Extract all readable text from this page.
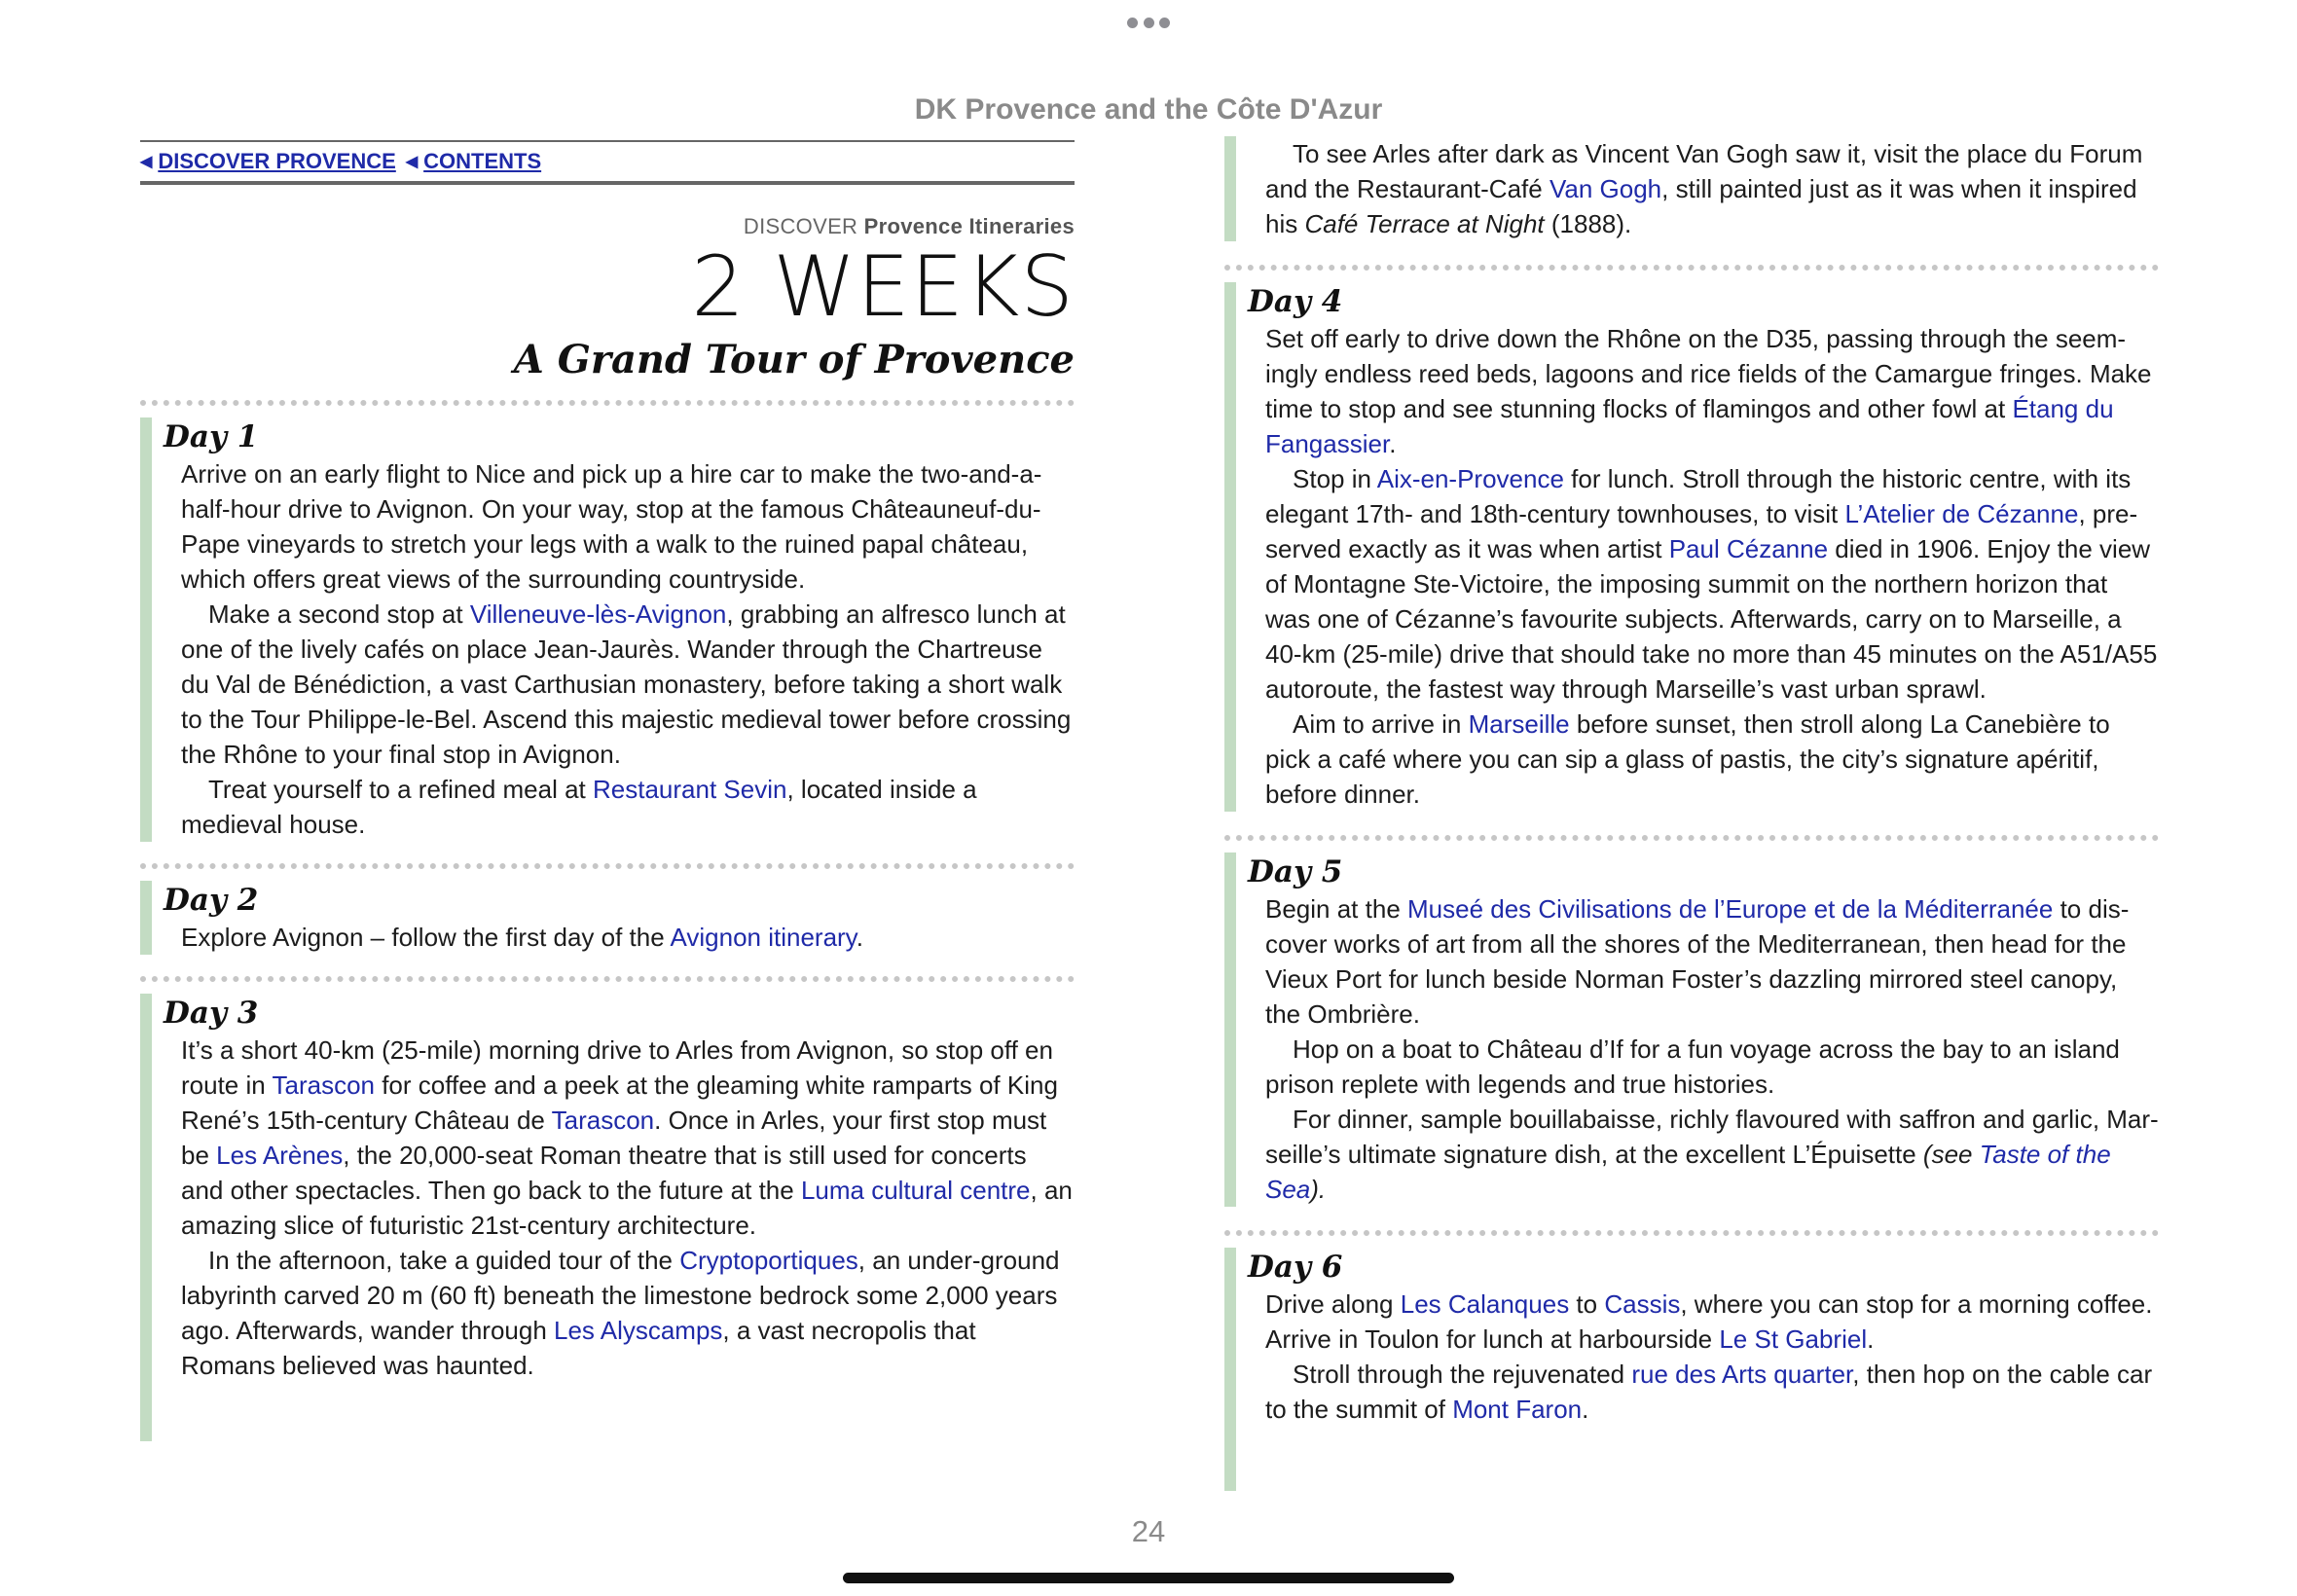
DK Provence and the Côte D'Azur
◀ DISCOVER PROVENCE ◀ CONTENTS
DISCOVER Provence Itineraries
2 WEEKS
A Grand Tour of Provence
Day 1

Arrive on an early flight to Nice and pick up a hire car to make the two-and-a-half-hour drive to Avignon. On your way, stop at the famous Châteauneuf-du-Pape vineyards to stretch your legs with a walk to the ruined papal château, which offers great views of the surrounding countryside.

Make a second stop at Villeneuve-lès-Avignon, grabbing an alfresco lunch at one of the lively cafés on place Jean-Jaurès. Wander through the Chartreuse du Val de Bénédiction, a vast Carthusian monastery, before taking a short walk to the Tour Philippe-le-Bel. Ascend this majestic medieval tower before crossing the Rhône to your final stop in Avignon.

Treat yourself to a refined meal at Restaurant Sevin, located inside a medieval house.

Day 2

Explore Avignon – follow the first day of the Avignon itinerary.

Day 3

It’s a short 40-km (25-mile) morning drive to Arles from Avignon, so stop off en route in Tarascon for coffee and a peek at the gleaming white ramparts of King René’s 15th-century Château de Tarascon. Once in Arles, your first stop must be Les Arènes, the 20,000-seat Roman theatre that is still used for concerts and other spectacles. Then go back to the future at the Luma cultural centre, an amazing slice of futuristic 21st-century architecture.

In the afternoon, take a guided tour of the Cryptoportiques, an under-ground labyrinth carved 20 m (60 ft) beneath the limestone bedrock some 2,000 years ago. Afterwards, wander through Les Alyscamps, a vast necropolis that Romans believed was haunted.

To see Arles after dark as Vincent Van Gogh saw it, visit the place du Forum and the Restaurant-Café Van Gogh, still painted just as it was when it inspired his Café Terrace at Night (1888).

Day 4

Set off early to drive down the Rhône on the D35, passing through the seem-ingly endless reed beds, lagoons and rice fields of the Camargue fringes. Make time to stop and see stunning flocks of flamingos and other fowl at Étang du Fangassier.

Stop in Aix-en-Provence for lunch. Stroll through the historic centre, with its elegant 17th- and 18th-century townhouses, to visit L’Atelier de Cézanne, pre-served exactly as it was when artist Paul Cézanne died in 1906. Enjoy the view of Montagne Ste-Victoire, the imposing summit on the northern horizon that was one of Cézanne’s favourite subjects. Afterwards, carry on to Marseille, a 40-km (25-mile) drive that should take no more than 45 minutes on the A51/A55 autoroute, the fastest way through Marseille’s vast urban sprawl.

Aim to arrive in Marseille before sunset, then stroll along La Canebière to pick a café where you can sip a glass of pastis, the city’s signature apéritif, before dinner.

Day 5

Begin at the Museé des Civilisations de l’Europe et de la Méditerranée to dis-cover works of art from all the shores of the Mediterranean, then head for the Vieux Port for lunch beside Norman Foster’s dazzling mirrored steel canopy, the Ombrière.

Hop on a boat to Château d’If for a fun voyage across the bay to an island prison replete with legends and true histories.

For dinner, sample bouillabaisse, richly flavoured with saffron and garlic, Mar-seille’s ultimate signature dish, at the excellent L’Épuisette (see Taste of the Sea).

Day 6

Drive along Les Calanques to Cassis, where you can stop for a morning coffee. Arrive in Toulon for lunch at harbourside Le St Gabriel.

Stroll through the rejuvenated rue des Arts quarter, then hop on the cable car to the summit of Mont Faron.

24
